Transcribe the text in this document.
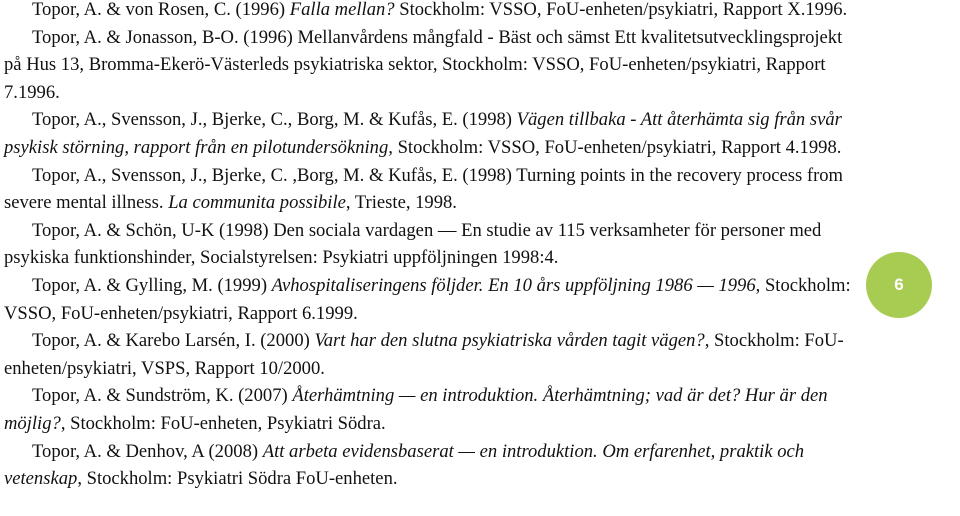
Topor, A. & von Rosen, C. (1996) Falla mellan? Stockholm: VSSO, FoU-enheten/psykiatri, Rapport X.1996.

Topor, A. & Jonasson, B-O. (1996) Mellanvårdens mångfald - Bäst och sämst Ett kvalitetsutvecklingsprojekt på Hus 13, Bromma-Ekerö-Västerleds psykiatriska sektor, Stockholm: VSSO, FoU-enheten/psykiatri, Rapport 7.1996.

Topor, A., Svensson, J., Bjerke, C., Borg, M. & Kufås, E. (1998) Vägen tillbaka - Att återhämta sig från svår psykisk störning, rapport från en pilotundersökning, Stockholm: VSSO, FoU-enheten/psykiatri, Rapport 4.1998.

Topor, A., Svensson, J., Bjerke, C. ,Borg, M. & Kufås, E. (1998) Turning points in the recovery process from severe mental illness. La communita possibile, Trieste, 1998.

Topor, A. & Schön, U-K (1998) Den sociala vardagen — En studie av 115 verksamheter för personer med psykiska funktionshinder, Socialstyrelsen: Psykiatri uppföljningen 1998:4.

Topor, A. & Gylling, M. (1999) Avhospitaliseringens följder. En 10 års uppföljning 1986 — 1996, Stockholm: VSSO, FoU-enheten/psykiatri, Rapport 6.1999.

Topor, A. & Karebo Larsén, I. (2000) Vart har den slutna psykiatriska vården tagit vägen?, Stockholm: FoU-enheten/psykiatri, VSPS, Rapport 10/2000.

Topor, A. & Sundström, K. (2007) Återhämtning — en introduktion. Återhämtning; vad är det? Hur är den möjlig?, Stockholm: FoU-enheten, Psykiatri Södra.

Topor, A. & Denhov, A (2008) Att arbeta evidensbaserat — en introduktion. Om erfarenhet, praktik och vetenskap, Stockholm: Psykiatri Södra FoU-enheten.

6
